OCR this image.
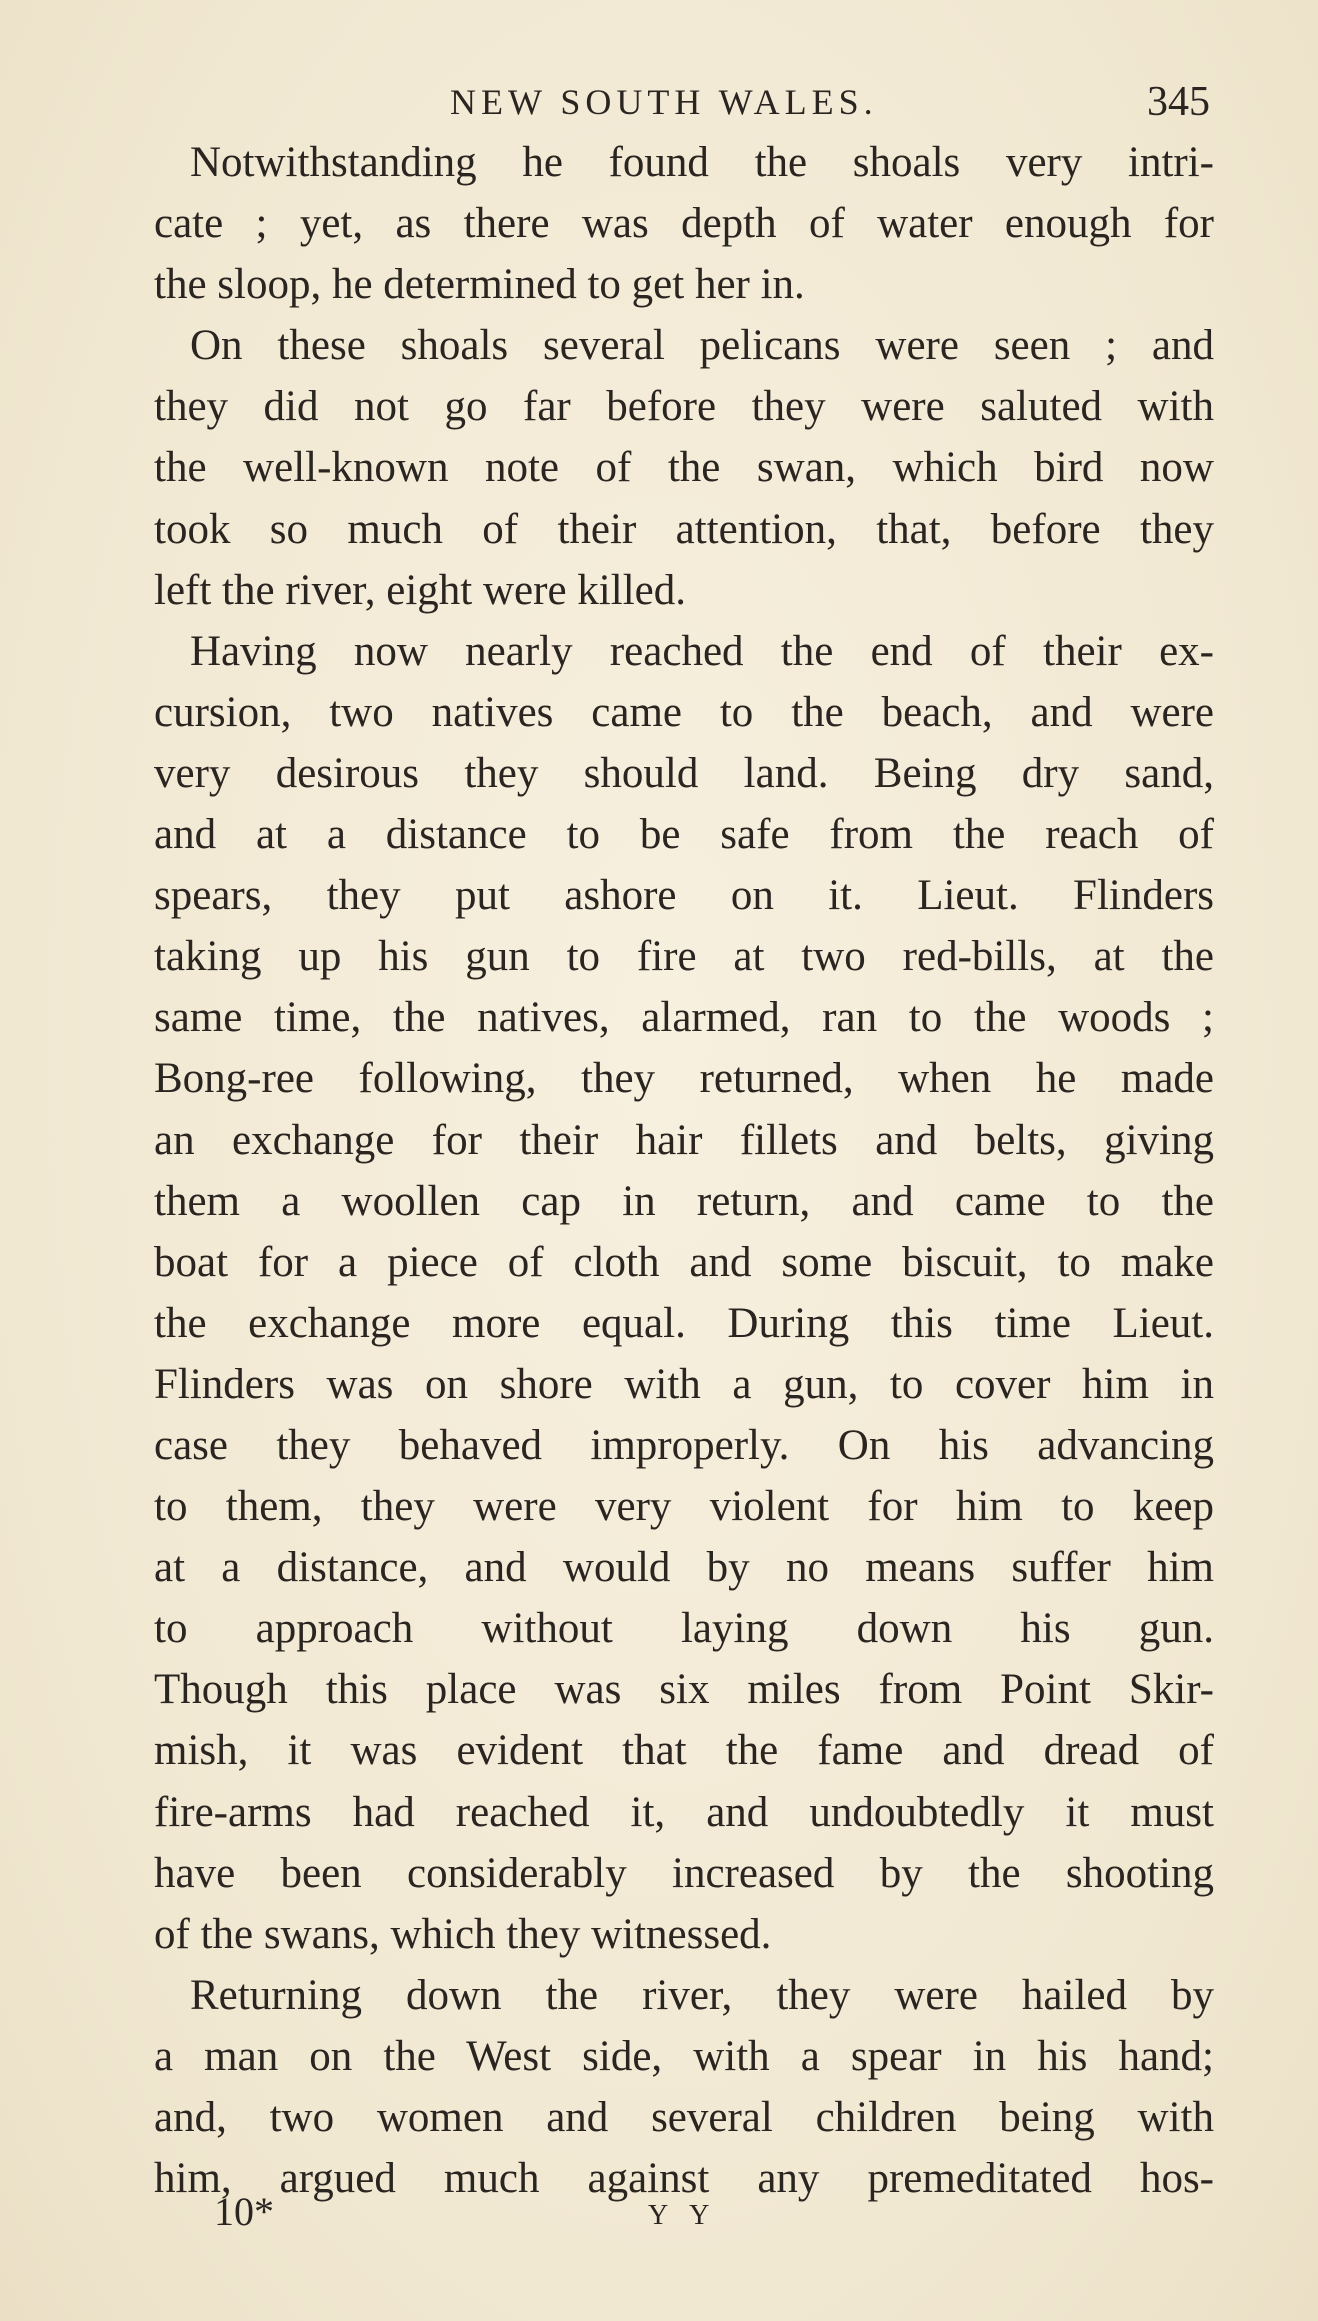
NEW SOUTH WALES.	345
Notwithstanding he found the shoals very intri-
cate ; yet, as there was depth of water enough for
the sloop, he determined to get her in.
On these shoals several pelicans were seen ; and
they did not go far before they were saluted with
the well-known note of the swan, which bird now
took so much of their attention, that, before they
left the river, eight were killed.
Having now nearly reached the end of their ex-
cursion, two natives came to the beach, and were
very desirous they should land. Being dry sand,
and at a distance to be safe from the reach of
spears, they put ashore on it. Lieut. Flinders
taking up his gun to fire at two red-bills, at the
same time, the natives, alarmed, ran to the woods ;
Bong-ree following, they returned, when he made
an exchange for their hair fillets and belts, giving
them a woollen cap in return, and came to the
boat for a piece of cloth and some biscuit, to make
the exchange more equal. During this time Lieut.
Flinders was on shore with a gun, to cover him in
case they behaved improperly. On his advancing
to them, they were very violent for him to keep
at a distance, and would by no means suffer him
to approach without laying down his gun.
Though this place was six miles from Point Skir-
mish, it was evident that the fame and dread of
fire-arms had reached it, and undoubtedly it must
have been considerably increased by the shooting
of the swans, which they witnessed.
Returning down the river, they were hailed by
a man on the West side, with a spear in his hand;
and, two women and several children being with
him, argued much against any premeditated hos-
10*	Y Y
